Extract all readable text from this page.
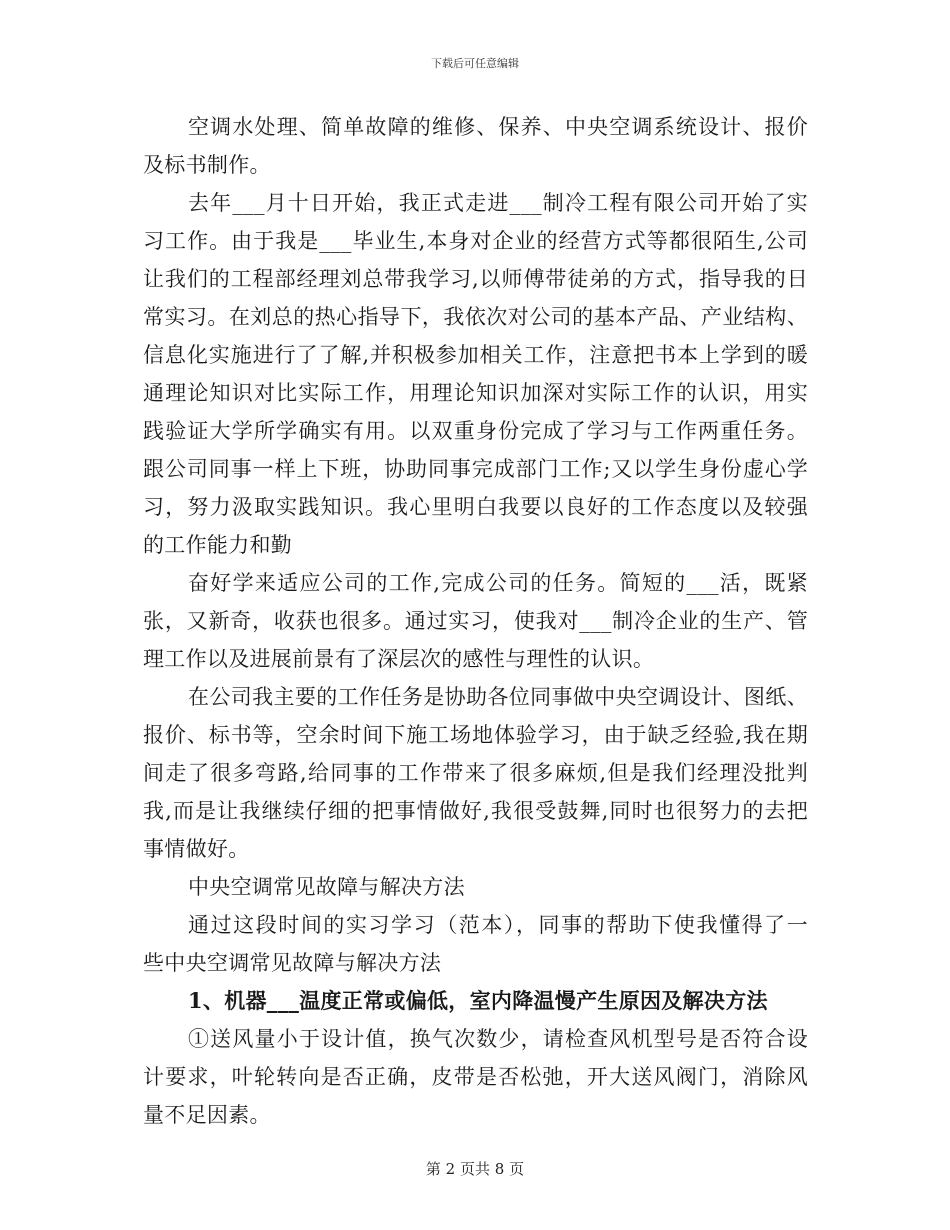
下载后可任意编辑
空调水处理、简单故障的维修、保养、中央空调系统设计、报价
及标书制作。
去年___月十日开始，我正式走进___制冷工程有限公司开始了实
习工作。由于我是___毕业生,本身对企业的经营方式等都很陌生,公司
让我们的工程部经理刘总带我学习,以师傅带徒弟的方式，指导我的日
常实习。在刘总的热心指导下，我依次对公司的基本产品、产业结构、
信息化实施进行了了解,并积极参加相关工作，注意把书本上学到的暖
通理论知识对比实际工作，用理论知识加深对实际工作的认识，用实
践验证大学所学确实有用。以双重身份完成了学习与工作两重任务。
跟公司同事一样上下班，协助同事完成部门工作;又以学生身份虚心学
习，努力汲取实践知识。我心里明白我要以良好的工作态度以及较强
的工作能力和勤
奋好学来适应公司的工作,完成公司的任务。简短的___活，既紧
张，又新奇，收获也很多。通过实习，使我对___制冷企业的生产、管
理工作以及进展前景有了深层次的感性与理性的认识。
在公司我主要的工作任务是协助各位同事做中央空调设计、图纸、
报价、标书等，空余时间下施工场地体验学习，由于缺乏经验,我在期
间走了很多弯路,给同事的工作带来了很多麻烦,但是我们经理没批判
我,而是让我继续仔细的把事情做好,我很受鼓舞,同时也很努力的去把
事情做好。
中央空调常见故障与解决方法
通过这段时间的实习学习（范本），同事的帮助下使我懂得了一
些中央空调常见故障与解决方法
1、机器___温度正常或偏低，室内降温慢产生原因及解决方法
①送风量小于设计值，换气次数少，请检查风机型号是否符合设
计要求，叶轮转向是否正确，皮带是否松弛，开大送风阀门，消除风
量不足因素。
第 2 页共 8 页
